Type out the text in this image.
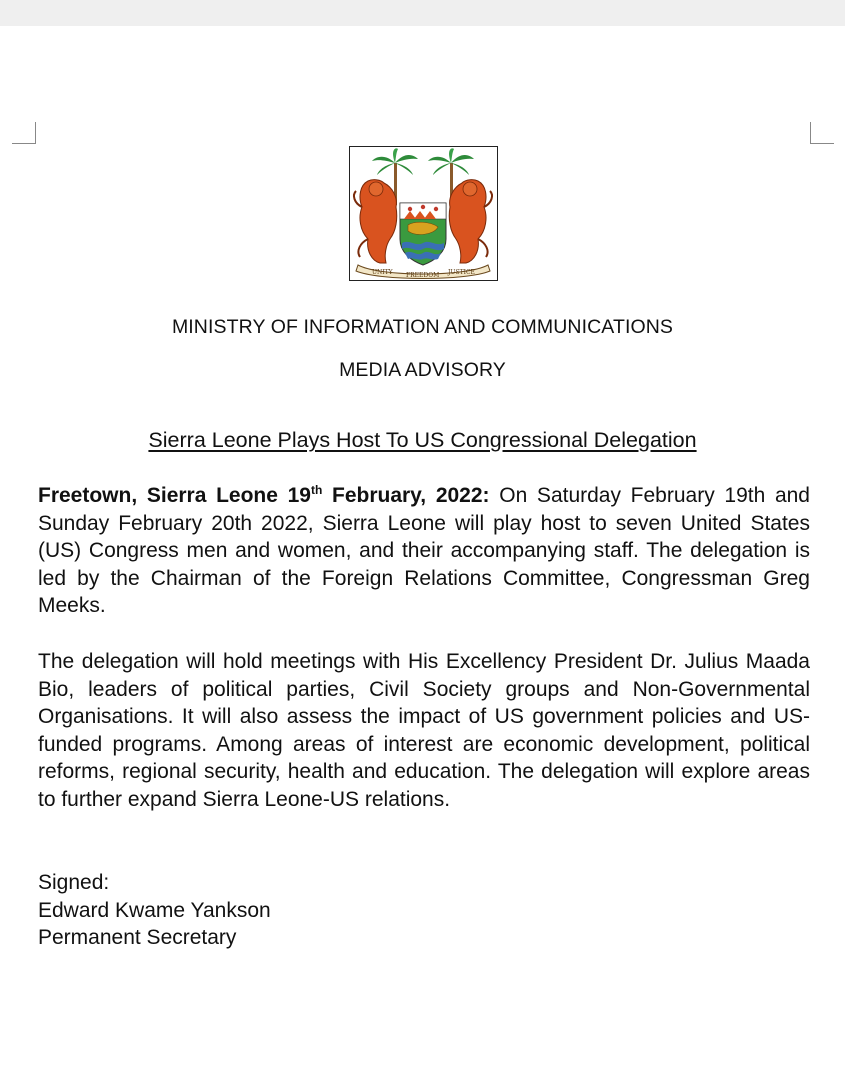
UNITY FREEDOM JUSTICE
MINISTRY OF INFORMATION AND COMMUNICATIONS
MEDIA ADVISORY
Sierra Leone Plays Host To US Congressional Delegation
Freetown, Sierra Leone 19th February, 2022: On Saturday February 19th and Sunday February 20th 2022, Sierra Leone will play host to seven United States (US) Congress men and women, and their accompanying staff. The delegation is led by the Chairman of the Foreign Relations Committee, Congressman Greg Meeks.
The delegation will hold meetings with His Excellency President Dr. Julius Maada Bio, leaders of political parties, Civil Society groups and Non-Governmental Organisations. It will also assess the impact of US government policies and US-funded programs. Among areas of interest are economic development, political reforms, regional security, health and education. The delegation will explore areas to further expand Sierra Leone-US relations.
Signed:
Edward Kwame Yankson
Permanent Secretary
